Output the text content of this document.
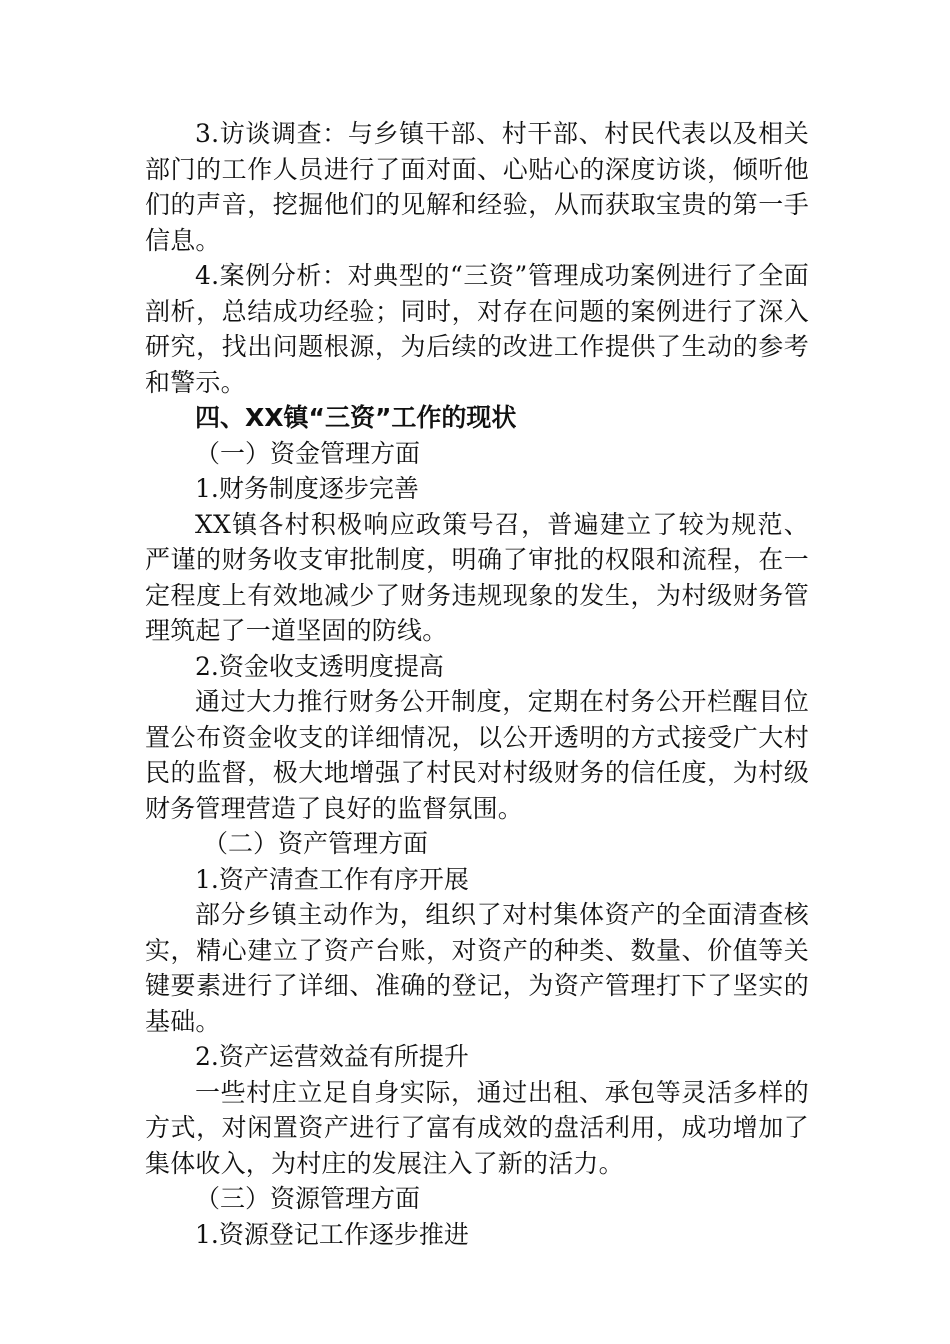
3.访谈调查：与乡镇干部、村干部、村民代表以及相关部门的工作人员进行了面对面、心贴心的深度访谈，倾听他们的声音，挖掘他们的见解和经验，从而获取宝贵的第一手信息。

4.案例分析：对典型的“三资”管理成功案例进行了全面剖析，总结成功经验；同时，对存在问题的案例进行了深入研究，找出问题根源，为后续的改进工作提供了生动的参考和警示。

四、XX镇“三资”工作的现状

（一）资金管理方面

1.财务制度逐步完善

XX镇各村积极响应政策号召，普遍建立了较为规范、严谨的财务收支审批制度，明确了审批的权限和流程，在一定程度上有效地减少了财务违规现象的发生，为村级财务管理筑起了一道坚固的防线。

2.资金收支透明度提高

通过大力推行财务公开制度，定期在村务公开栏醒目位置公布资金收支的详细情况，以公开透明的方式接受广大村民的监督，极大地增强了村民对村级财务的信任度，为村级财务管理营造了良好的监督氛围。

（二）资产管理方面

1.资产清查工作有序开展

部分乡镇主动作为，组织了对村集体资产的全面清查核实，精心建立了资产台账，对资产的种类、数量、价值等关键要素进行了详细、准确的登记，为资产管理打下了坚实的基础。

2.资产运营效益有所提升

一些村庄立足自身实际，通过出租、承包等灵活多样的方式，对闲置资产进行了富有成效的盘活利用，成功增加了集体收入，为村庄的发展注入了新的活力。

（三）资源管理方面

1.资源登记工作逐步推进
